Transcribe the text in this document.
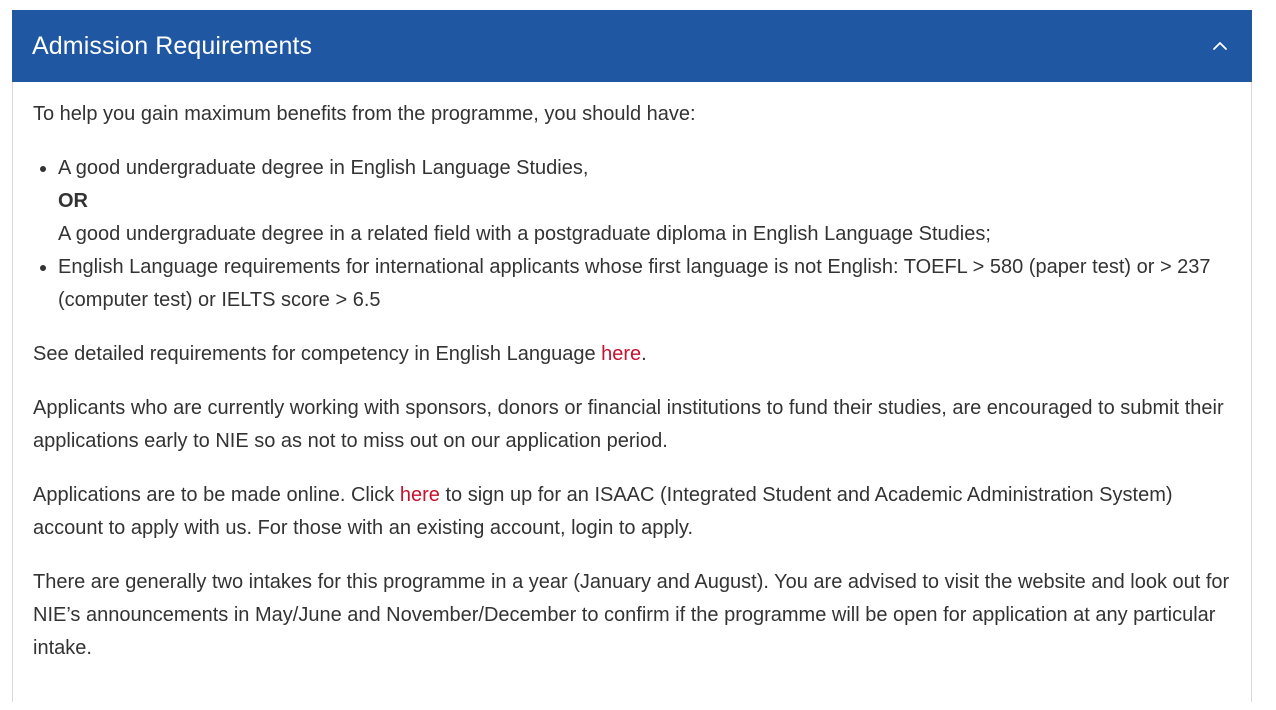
Admission Requirements

To help you gain maximum benefits from the programme, you should have:

• A good undergraduate degree in English Language Studies,
OR
A good undergraduate degree in a related field with a postgraduate diploma in English Language Studies;
• English Language requirements for international applicants whose first language is not English: TOEFL > 580 (paper test) or > 237 (computer test) or IELTS score > 6.5

See detailed requirements for competency in English Language here.

Applicants who are currently working with sponsors, donors or financial institutions to fund their studies, are encouraged to submit their applications early to NIE so as not to miss out on our application period.

Applications are to be made online. Click here to sign up for an ISAAC (Integrated Student and Academic Administration System) account to apply with us. For those with an existing account, login to apply.

There are generally two intakes for this programme in a year (January and August). You are advised to visit the website and look out for NIE’s announcements in May/June and November/December to confirm if the programme will be open for application at any particular intake.
